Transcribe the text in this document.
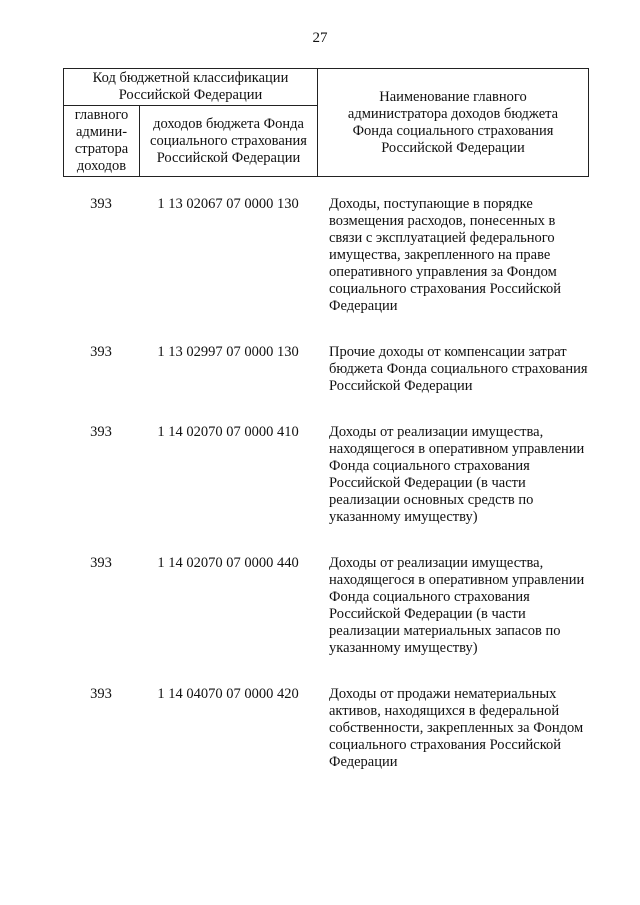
27
Код бюджетной классификации Российской Федерации		Наименование главного администратора доходов бюджета Фонда социального страхования Российской Федерации
главного админи-стратора доходов	доходов бюджета Фонда социального страхования Российской Федерации	
393	1 13 02067 07 0000 130	Доходы, поступающие в порядке возмещения расходов, понесенных в связи с эксплуатацией федерального имущества, закрепленного на праве оперативного управления за Фондом социального страхования Российской Федерации
393	1 13 02997 07 0000 130	Прочие доходы от компенсации затрат бюджета Фонда социального страхования Российской Федерации
393	1 14 02070 07 0000 410	Доходы от реализации имущества, находящегося в оперативном управлении Фонда социального страхования Российской Федерации (в части реализации основных средств по указанному имуществу)
393	1 14 02070 07 0000 440	Доходы от реализации имущества, находящегося в оперативном управлении Фонда социального страхования Российской Федерации (в части реализации материальных запасов по указанному имуществу)
393	1 14 04070 07 0000 420	Доходы от продажи нематериальных активов, находящихся в федеральной собственности, закрепленных за Фондом социального страхования Российской Федерации
